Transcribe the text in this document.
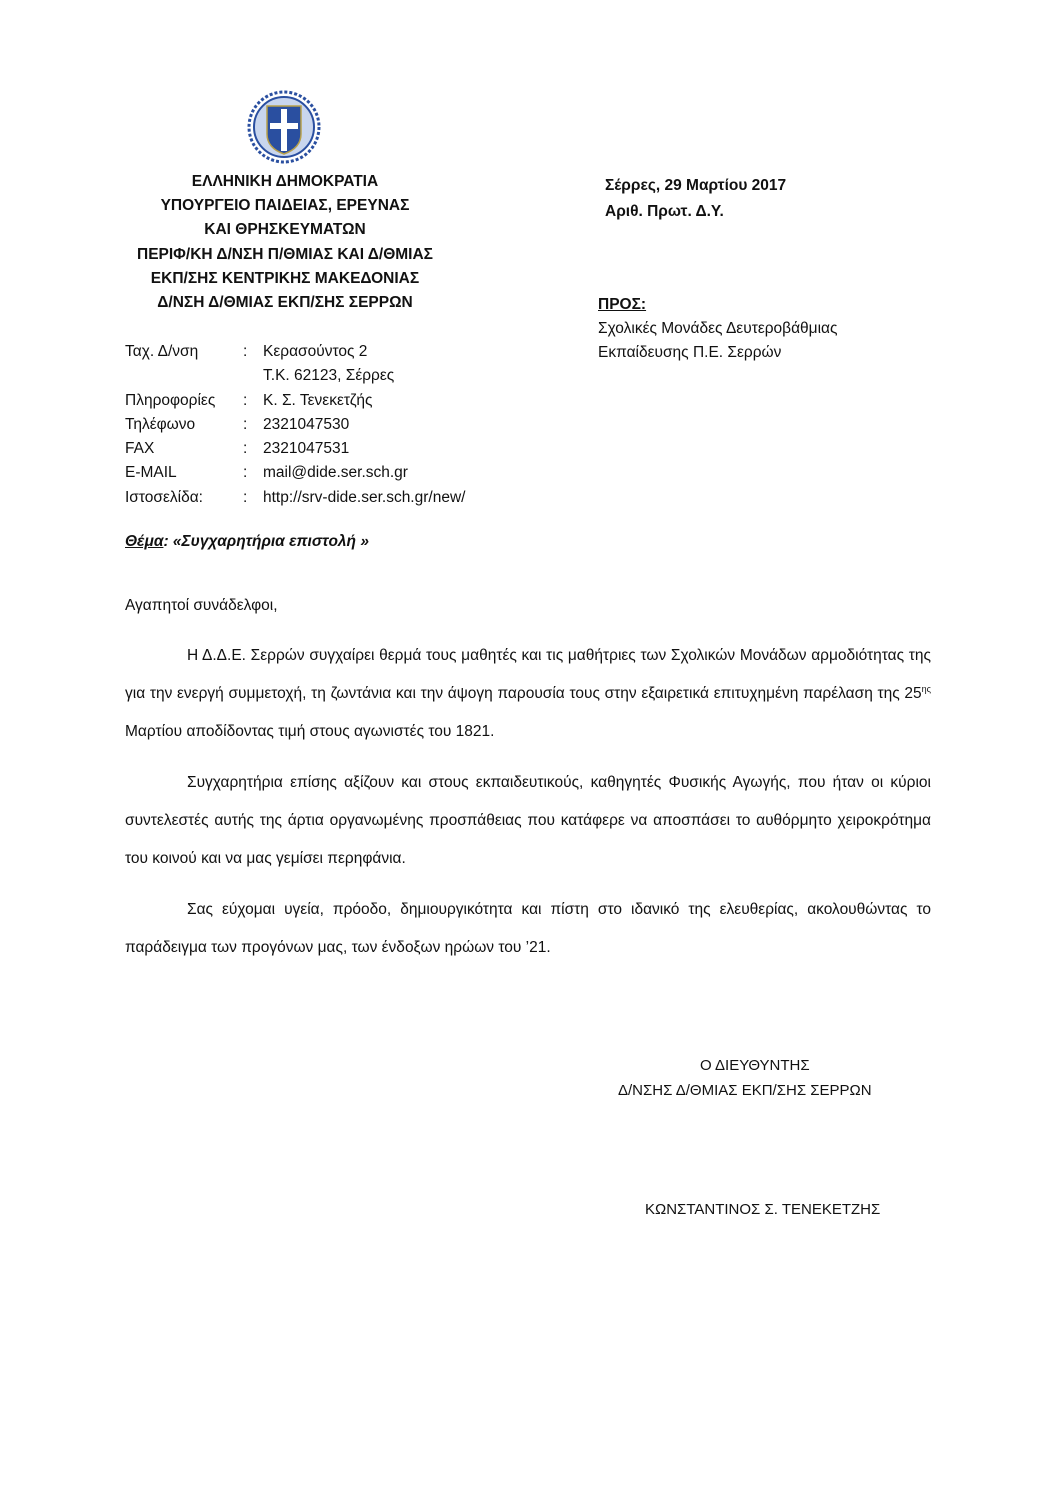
ΕΛΛΗΝΙΚΗ ΔΗΜΟΚΡΑΤΙΑ
ΥΠΟΥΡΓΕΙΟ ΠΑΙΔΕΙΑΣ, ΕΡΕΥΝΑΣ
ΚΑΙ ΘΡΗΣΚΕΥΜΑΤΩΝ
ΠΕΡΙΦ/ΚΗ Δ/ΝΣΗ Π/ΘΜΙΑΣ ΚΑΙ Δ/ΘΜΙΑΣ
ΕΚΠ/ΣΗΣ ΚΕΝΤΡΙΚΗΣ ΜΑΚΕΔΟΝΙΑΣ
Δ/ΝΣΗ Δ/ΘΜΙΑΣ ΕΚΠ/ΣΗΣ ΣΕΡΡΩΝ
Σέρρες, 29 Μαρτίου 2017
Αριθ. Πρωτ. Δ.Υ.
ΠΡΟΣ:
Σχολικές Μονάδες Δευτεροβάθμιας
Εκπαίδευσης Π.Ε. Σερρών
Ταχ. Δ/νση	: Κερασούντος 2
Τ.Κ. 62123, Σέρρες
Πληροφορίες : Κ. Σ. Τενεκετζής
Τηλέφωνο	: 2321047530
FAX	: 2321047531
E-MAIL	: mail@dide.ser.sch.gr
Ιστοσελίδα:	: http://srv-dide.ser.sch.gr/new/
Θέμα: «Συγχαρητήρια επιστολή »
Αγαπητοί συνάδελφοι,

Η Δ.Δ.Ε. Σερρών συγχαίρει θερμά τους μαθητές και τις μαθήτριες των Σχολικών Μονάδων αρμοδιότητας της για την ενεργή συμμετοχή, τη ζωντάνια και την άψογη παρουσία τους στην εξαιρετικά επιτυχημένη παρέλαση της $25^{\eta\varsigma}$ Μαρτίου αποδίδοντας τιμή στους αγωνιστές του 1821.

Συγχαρητήρια επίσης αξίζουν και στους εκπαιδευτικούς, καθηγητές Φυσικής Αγωγής, που ήταν οι κύριοι συντελεστές αυτής της άρτια οργανωμένης προσπάθειας που κατάφερε να αποσπάσει το αυθόρμητο χειροκρότημα του κοινού και να μας γεμίσει περηφάνια.

Σας εύχομαι υγεία, πρόοδο, δημιουργικότητα και πίστη στο ιδανικό της ελευθερίας, ακολουθώντας το παράδειγμα των προγόνων μας, των ένδοξων ηρώων του ’21.

Ο ΔΙΕΥΘΥΝΤΗΣ
Δ/ΝΣΗΣ Δ/ΘΜΙΑΣ ΕΚΠ/ΣΗΣ ΣΕΡΡΩΝ
ΚΩΝΣΤΑΝΤΙΝΟΣ Σ. ΤΕΝΕΚΕΤΖΗΣ
